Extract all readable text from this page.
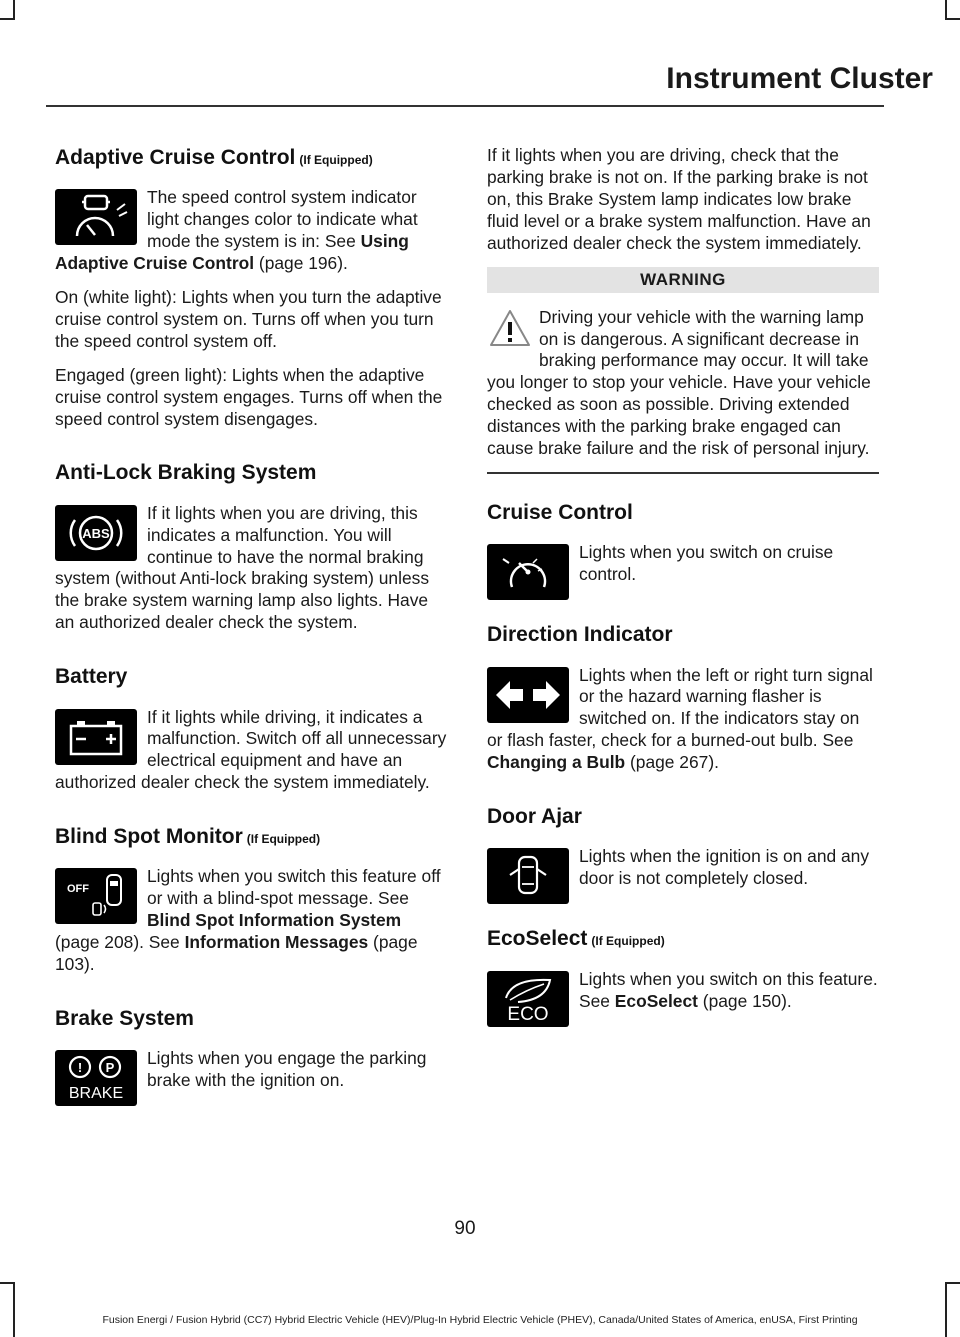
Instrument Cluster
Adaptive Cruise Control (If Equipped)

The speed control system indicator light changes color to indicate what mode the system is in: See Using Adaptive Cruise Control (page 196).

On (white light): Lights when you turn the adaptive cruise control system on. Turns off when you turn the speed control system off.

Engaged (green light): Lights when the adaptive cruise control system engages. Turns off when the speed control system disengages.

Anti-Lock Braking System
ABS

If it lights when you are driving, this indicates a malfunction. You will continue to have the normal braking system (without Anti-lock braking system) unless the brake system warning lamp also lights. Have an authorized dealer check the system.

Battery

If it lights while driving, it indicates a malfunction. Switch off all unnecessary electrical equipment and have an authorized dealer check the system immediately.

Blind Spot Monitor (If Equipped)
OFF

Lights when you switch this feature off or with a blind-spot message. See Blind Spot Information System (page 208). See Information Messages (page 103).

Brake System
! P
BRAKE

Lights when you engage the parking brake with the ignition on.

If it lights when you are driving, check that the parking brake is not on. If the parking brake is not on, this Brake System lamp indicates low brake fluid level or a brake system malfunction. Have an authorized dealer check the system immediately.

WARNING

Driving your vehicle with the warning lamp on is dangerous. A significant decrease in braking performance may occur. It will take you longer to stop your vehicle. Have your vehicle checked as soon as possible. Driving extended distances with the parking brake engaged can cause brake failure and the risk of personal injury.

Cruise Control

Lights when you switch on cruise control.

Direction Indicator

Lights when the left or right turn signal or the hazard warning flasher is switched on. If the indicators stay on or flash faster, check for a burned-out bulb. See Changing a Bulb (page 267).

Door Ajar

Lights when the ignition is on and any door is not completely closed.

EcoSelect (If Equipped)
ECO

Lights when you switch on this feature. See EcoSelect (page 150).

90
Fusion Energi / Fusion Hybrid (CC7) Hybrid Electric Vehicle (HEV)/Plug-In Hybrid Electric Vehicle (PHEV), Canada/United States of America, enUSA, First Printing
